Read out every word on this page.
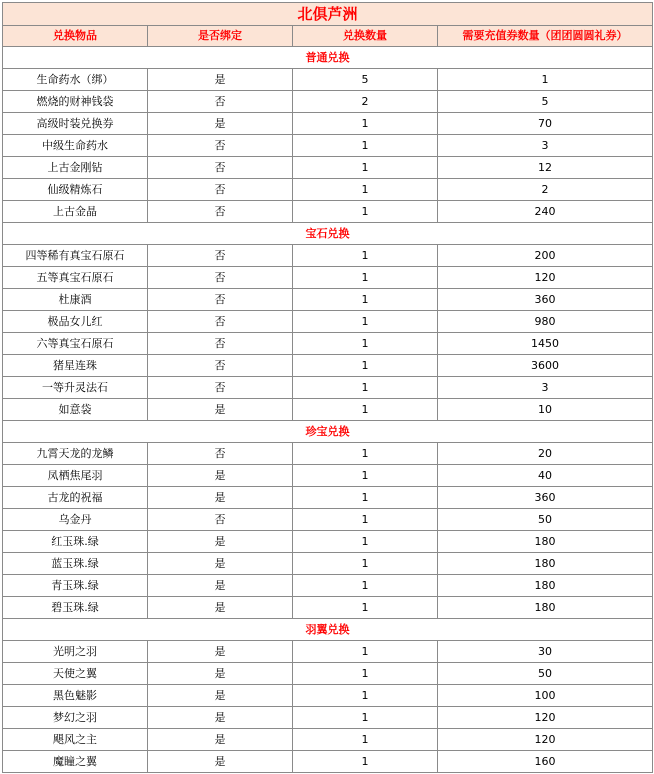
北俱芦洲			
兑换物品	是否绑定	兑换数量	需要充值券数量（团团圆圆礼券）
普通兑换			
生命药水（绑）	是	5	1
燃烧的财神钱袋	否	2	5
高级时装兑换券	是	1	70
中级生命药水	否	1	3
上古金刚钻	否	1	12
仙级精炼石	否	1	2
上古金晶	否	1	240
宝石兑换			
四等稀有真宝石原石	否	1	200
五等真宝石原石	否	1	120
杜康酒	否	1	360
极品女儿红	否	1	980
六等真宝石原石	否	1	1450
猪星连珠	否	1	3600
一等升灵法石	否	1	3
如意袋	是	1	10
珍宝兑换			
九霄天龙的龙鳞	否	1	20
凤栖焦尾羽	是	1	40
古龙的祝福	是	1	360
乌金丹	否	1	50
红玉珠.绿	是	1	180
蓝玉珠.绿	是	1	180
青玉珠.绿	是	1	180
碧玉珠.绿	是	1	180
羽翼兑换			
光明之羽	是	1	30
天使之翼	是	1	50
黑色魅影	是	1	100
梦幻之羽	是	1	120
飓风之主	是	1	120
魔瞳之翼	是	1	160
